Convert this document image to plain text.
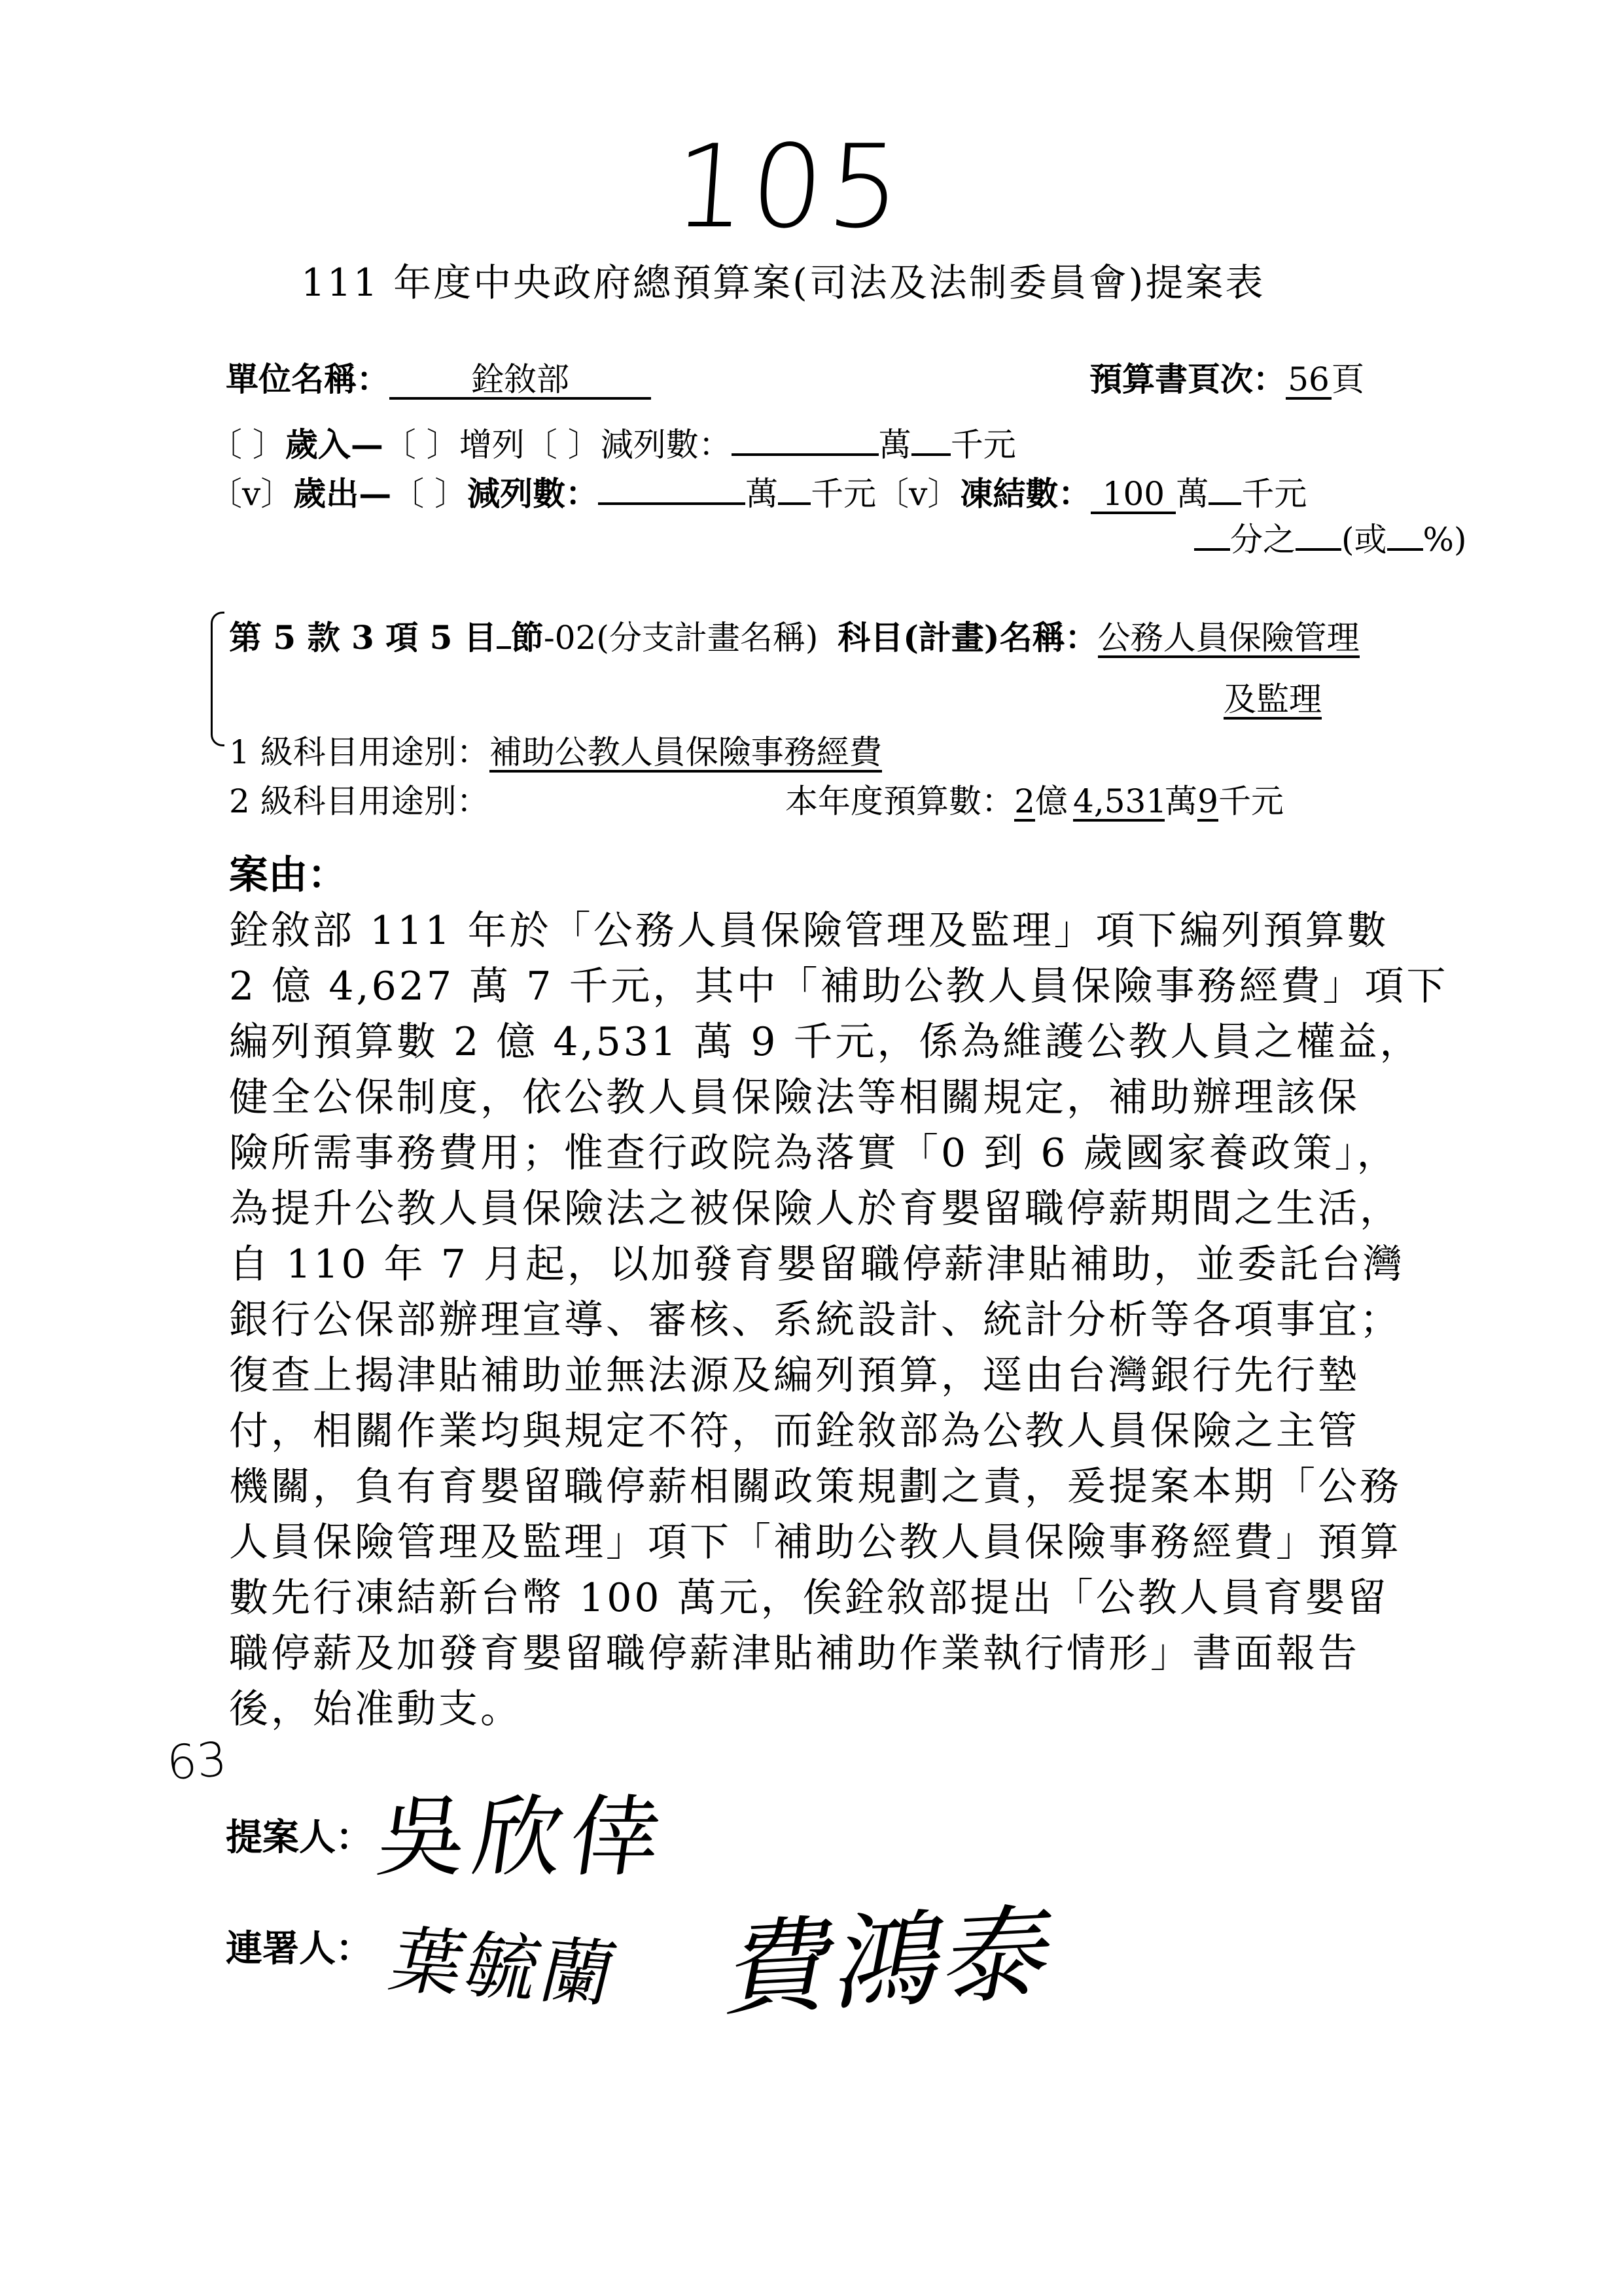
105
111 年度中央政府總預算案(司法及法制委員會)提案表
單位名稱：	銓敘部	預算書頁次：56頁
〔 〕歲入—〔 〕增列〔 〕減列數：	萬 千元
〔v〕歲出—〔 〕減列數：	萬 千元〔v〕凍結數： 100 萬 千元
分之 (或 %)
第 5 款 3 項 5 目 節-02(分支計畫名稱) 科目(計畫)名稱：公務人員保險管理
及監理
1 級科目用途別：補助公教人員保險事務經費
2 級科目用途別：	本年度預算數：2億 4,531萬9千元
案由：
銓敘部 111 年於「公務人員保險管理及監理」項下編列預算數
2 億 4,627 萬 7 千元，其中「補助公教人員保險事務經費」項下
編列預算數 2 億 4,531 萬 9 千元，係為維護公教人員之權益，
健全公保制度，依公教人員保險法等相關規定，補助辦理該保
險所需事務費用；惟查行政院為落實「0 到 6 歲國家養政策」，
為提升公教人員保險法之被保險人於育嬰留職停薪期間之生活，
自 110 年 7 月起，以加發育嬰留職停薪津貼補助，並委託台灣
銀行公保部辦理宣導、審核、系統設計、統計分析等各項事宜；
復查上揭津貼補助並無法源及編列預算，逕由台灣銀行先行墊
付，相關作業均與規定不符，而銓敘部為公教人員保險之主管
機關，負有育嬰留職停薪相關政策規劃之責，爰提案本期「公務
人員保險管理及監理」項下「補助公教人員保險事務經費」預算
數先行凍結新台幣 100 萬元，俟銓敘部提出「公教人員育嬰留
職停薪及加發育嬰留職停薪津貼補助作業執行情形」書面報告
後，始准動支。
63
提案人：
吳欣倖
連署人： 葉毓蘭 費鴻泰
